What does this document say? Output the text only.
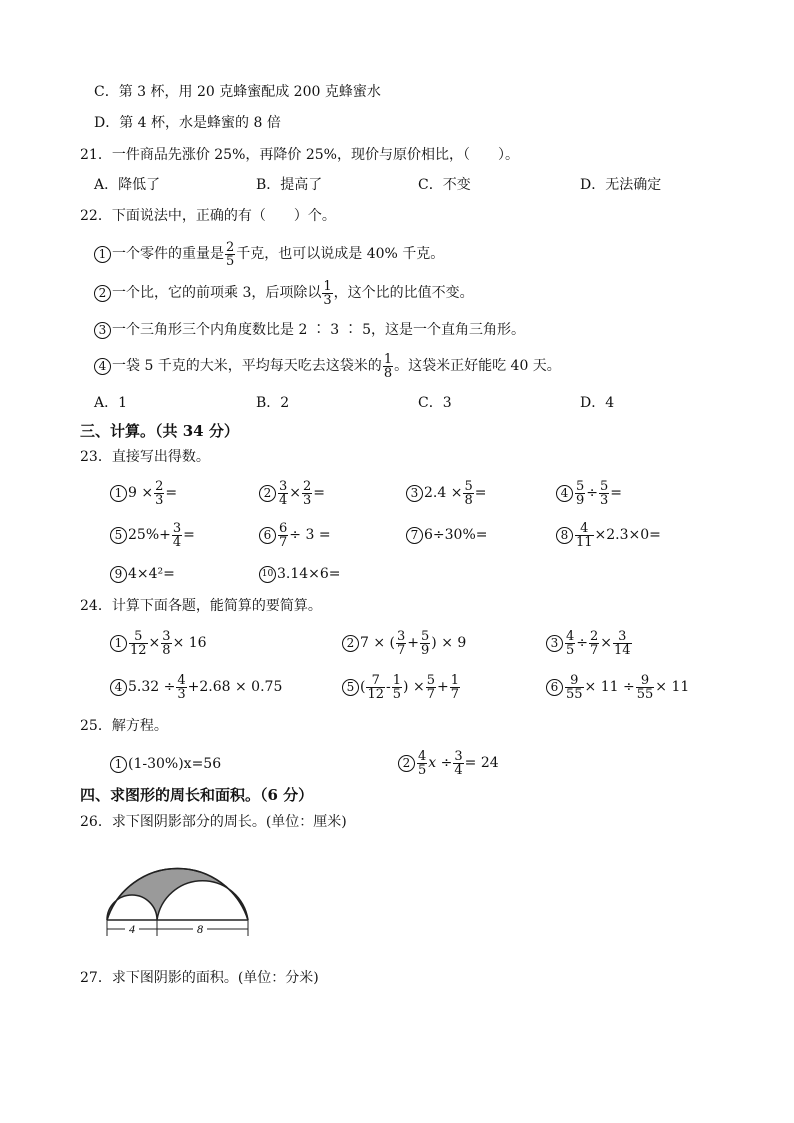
C．第 3 杯，用 20 克蜂蜜配成 200 克蜂蜜水
D．第 4 杯，水是蜂蜜的 8 倍
21．一件商品先涨价 25%，再降价 25%，现价与原价相比，（　　）。
A．降低了	B．提高了	C．不变	D．无法确定
22．下面说法中，正确的有（　　）个。
1 一个零件的重量是 $\frac{2}{5}$ 千克，也可以说成是 40% 千克。
2 一个比，它的前项乘 3，后项除以 $\frac{1}{3}$ ，这个比的比值不变。
3 一个三角形三个内角度数比是 2 ∶ 3 ∶ 5，这是一个直角三角形。
4 一袋 5 千克的大米，平均每天吃去这袋米的 $\frac{1}{8}$ 。这袋米正好能吃 40 天。
A．1	B．2	C．3	D．4
三、计算。（共 34 分）
23．直接写出得数。
1 $9 \times \frac{2}{3}$ =	$2 \frac{3}{4} \times \frac{2}{3}$ =	3 $2.4 \times \frac{5}{8}$ =	$4 \frac{5}{9} \div \frac{5}{3}$ =
5 $25\%+ \frac{3}{4}$ =	$6 \frac{6}{7} \div 3$ =	7 6÷30%=	$8 \frac{4}{11} \times 2.3\times 0=$
9 4×4²=	10 3.14×6=
24．计算下面各题，能简算的要简算。
$1 \frac{5}{12} \times \frac{3}{8} \times 16$	2 7 × ( $\frac{3}{7} + \frac{5}{9}$ ) × 9	$3 \frac{4}{5} \div \frac{2}{7} \times \frac{3}{14}$
4 $5.32 \div \frac{4}{3} +2.68 \times 0.75$	5 ( $\frac{7}{12} - \frac{1}{5}$ ) × $\frac{5}{7} + \frac{1}{7}$	$6 \frac{9}{55} \times 11 \div \frac{9}{55} \times 11$
25．解方程。
1 (1-30%)x=56	$2 \frac{4}{5}$ $x \div \frac{3}{4} = 24$
四、求图形的周长和面积。（6 分）
26．求下图阴影部分的周长。(单位：厘米)
4	8
27．求下图阴影的面积。(单位：分米)
